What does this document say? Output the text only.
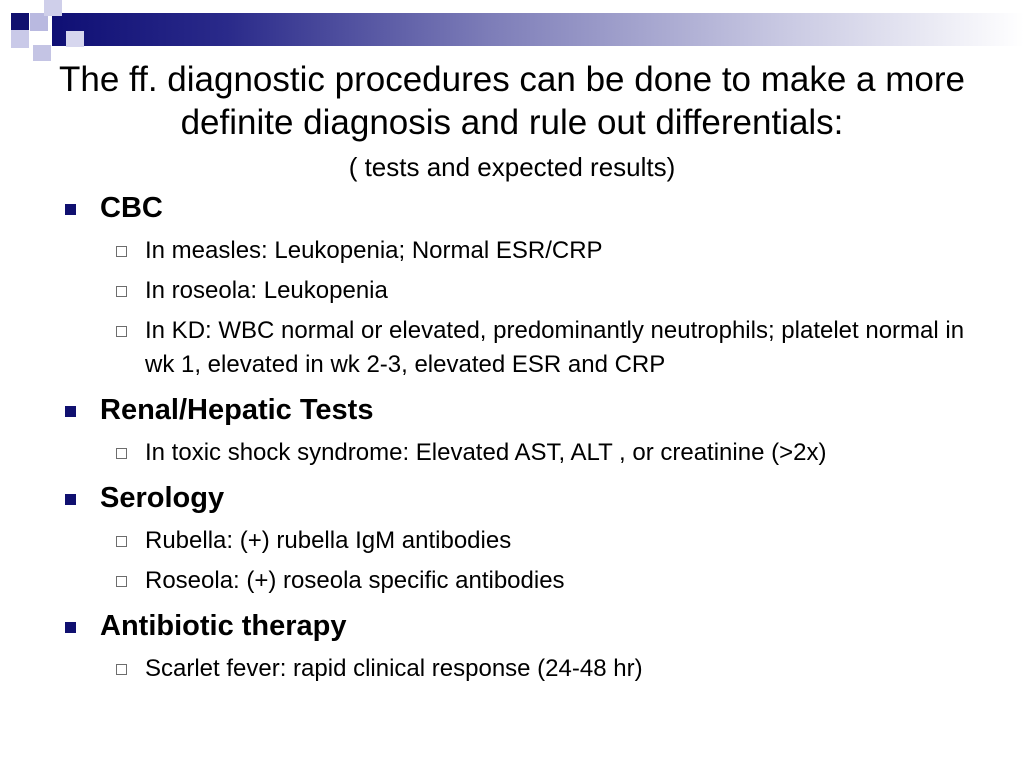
The ff. diagnostic procedures can be done to make a more definite diagnosis and rule out differentials:
( tests and expected results)
CBC
In measles: Leukopenia; Normal ESR/CRP
In roseola: Leukopenia
In KD: WBC normal or elevated, predominantly neutrophils; platelet normal in wk 1, elevated in wk 2-3, elevated ESR and CRP
Renal/Hepatic Tests
In toxic shock syndrome: Elevated AST, ALT , or creatinine (>2x)
Serology
Rubella: (+) rubella IgM antibodies
Roseola: (+) roseola specific antibodies
Antibiotic therapy
Scarlet fever: rapid clinical response (24-48 hr)
